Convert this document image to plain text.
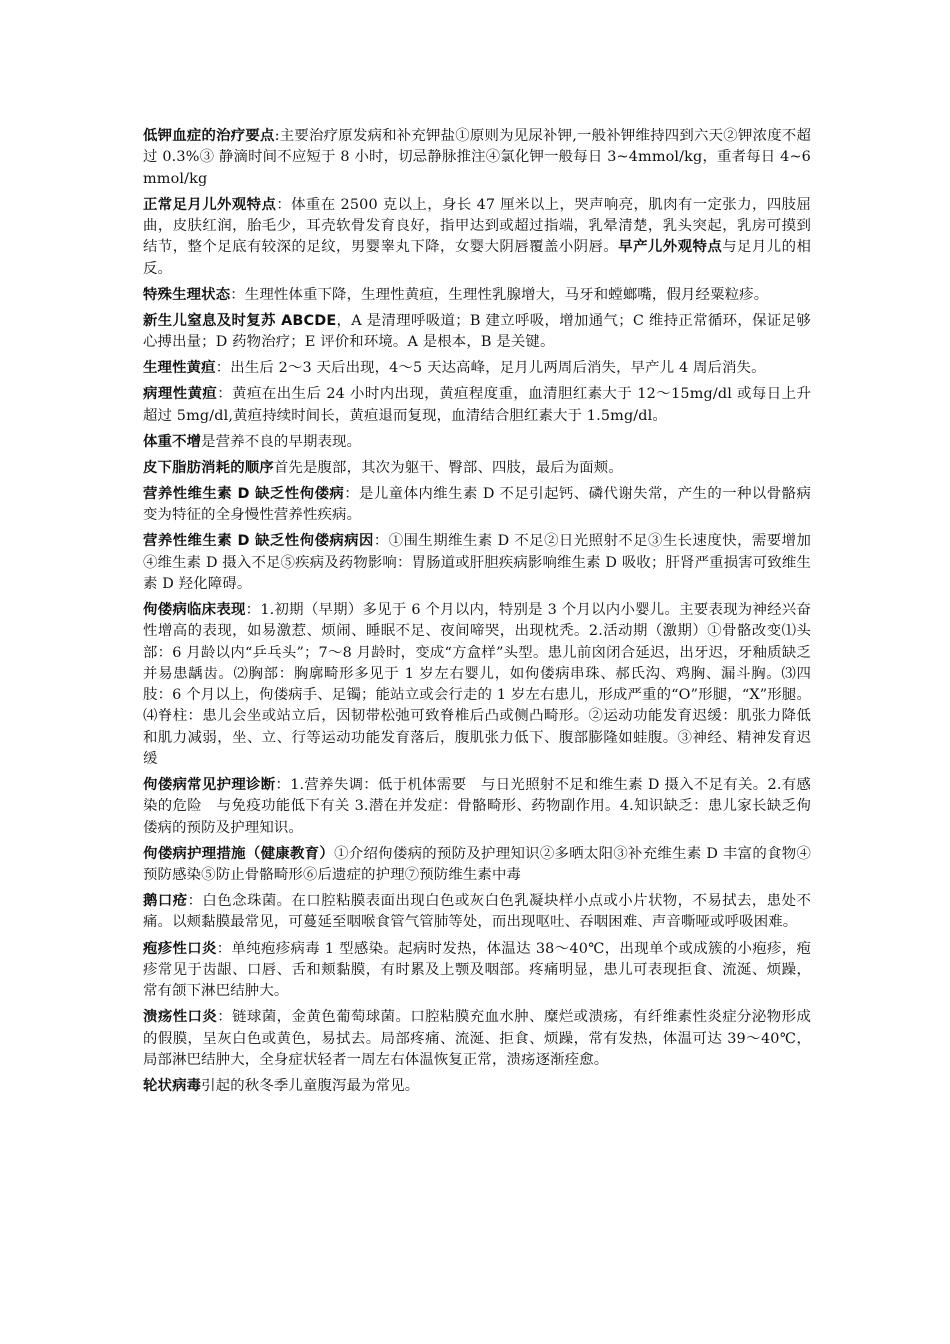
低钾血症的治疗要点:主要治疗原发病和补充钾盐①原则为见尿补钾,一般补钾维持四到六天②钾浓度不超过 0.3%③ 静滴时间不应短于 8 小时，切忌静脉推注④氯化钾一般每日 3~4mmol/kg，重者每日 4~6mmol/kg

正常足月儿外观特点：体重在 2500 克以上，身长 47 厘米以上，哭声响亮，肌肉有一定张力，四肢屈曲，皮肤红润，胎毛少，耳壳软骨发育良好，指甲达到或超过指端，乳晕清楚，乳头突起，乳房可摸到结节，整个足底有较深的足纹，男婴睾丸下降，女婴大阴唇覆盖小阴唇。早产儿外观特点与足月儿的相反。

特殊生理状态：生理性体重下降，生理性黄疸，生理性乳腺增大，马牙和螳螂嘴，假月经粟粒疹。

新生儿窒息及时复苏 ABCDE，A 是清理呼吸道；B 建立呼吸，增加通气；C 维持正常循环，保证足够心搏出量；D 药物治疗；E 评价和环境。A 是根本，B 是关键。

生理性黄疸：出生后 2～3 天后出现，4～5 天达高峰，足月儿两周后消失，早产儿 4 周后消失。

病理性黄疸：黄疸在出生后 24 小时内出现，黄疸程度重，血清胆红素大于 12～15mg/dl 或每日上升超过 5mg/dl,黄疸持续时间长，黄疸退而复现，血清结合胆红素大于 1.5mg/dl。

体重不增是营养不良的早期表现。

皮下脂肪消耗的顺序首先是腹部，其次为躯干、臀部、四肢，最后为面颊。

营养性维生素 D 缺乏性佝偻病：是儿童体内维生素 D 不足引起钙、磷代谢失常，产生的一种以骨骼病变为特征的全身慢性营养性疾病。

营养性维生素 D 缺乏性佝偻病病因：①围生期维生素 D 不足②日光照射不足③生长速度快，需要增加④维生素 D 摄入不足⑤疾病及药物影响：胃肠道或肝胆疾病影响维生素 D 吸收；肝肾严重损害可致维生素 D 羟化障碍。

佝偻病临床表现：1.初期（早期）多见于 6 个月以内，特别是 3 个月以内小婴儿。主要表现为神经兴奋性增高的表现，如易激惹、烦闹、睡眠不足、夜间啼哭，出现枕秃。2.活动期（激期）①骨骼改变⑴头部：6 月龄以内“乒乓头”；7～8 月龄时，变成“方盒样”头型。患儿前囟闭合延迟，出牙迟，牙釉质缺乏并易患龋齿。⑵胸部：胸廓畸形多见于 1 岁左右婴儿，如佝偻病串珠、郝氏沟、鸡胸、漏斗胸。⑶四肢：6 个月以上，佝偻病手、足镯；能站立或会行走的 1 岁左右患儿，形成严重的“O”形腿，“X”形腿。⑷脊柱：患儿会坐或站立后，因韧带松弛可致脊椎后凸或侧凸畸形。②运动功能发育迟缓：肌张力降低和肌力减弱，坐、立、行等运动功能发育落后，腹肌张力低下、腹部膨隆如蛙腹。③神经、精神发育迟缓

佝偻病常见护理诊断：1.营养失调：低于机体需要　与日光照射不足和维生素 D 摄入不足有关。2.有感染的危险　与免疫功能低下有关 3.潜在并发症：骨骼畸形、药物副作用。4.知识缺乏：患儿家长缺乏佝偻病的预防及护理知识。

佝偻病护理措施（健康教育）①介绍佝偻病的预防及护理知识②多晒太阳③补充维生素 D 丰富的食物④预防感染⑤防止骨骼畸形⑥后遗症的护理⑦预防维生素中毒

鹅口疮：白色念珠菌。在口腔粘膜表面出现白色或灰白色乳凝块样小点或小片状物，不易拭去，患处不痛。以颊黏膜最常见，可蔓延至咽喉食管气管肺等处，而出现呕吐、吞咽困难、声音嘶哑或呼吸困难。

疱疹性口炎：单纯疱疹病毒 1 型感染。起病时发热，体温达 38～40℃，出现单个或成簇的小疱疹，疱疹常见于齿龈、口唇、舌和颊黏膜，有时累及上颚及咽部。疼痛明显，患儿可表现拒食、流涎、烦躁，常有颌下淋巴结肿大。

溃疡性口炎：链球菌，金黄色葡萄球菌。口腔粘膜充血水肿、糜烂或溃疡，有纤维素性炎症分泌物形成的假膜，呈灰白色或黄色，易拭去。局部疼痛、流涎、拒食、烦躁，常有发热，体温可达 39～40℃，局部淋巴结肿大，全身症状轻者一周左右体温恢复正常，溃疡逐渐痊愈。

轮状病毒引起的秋冬季儿童腹泻最为常见。
